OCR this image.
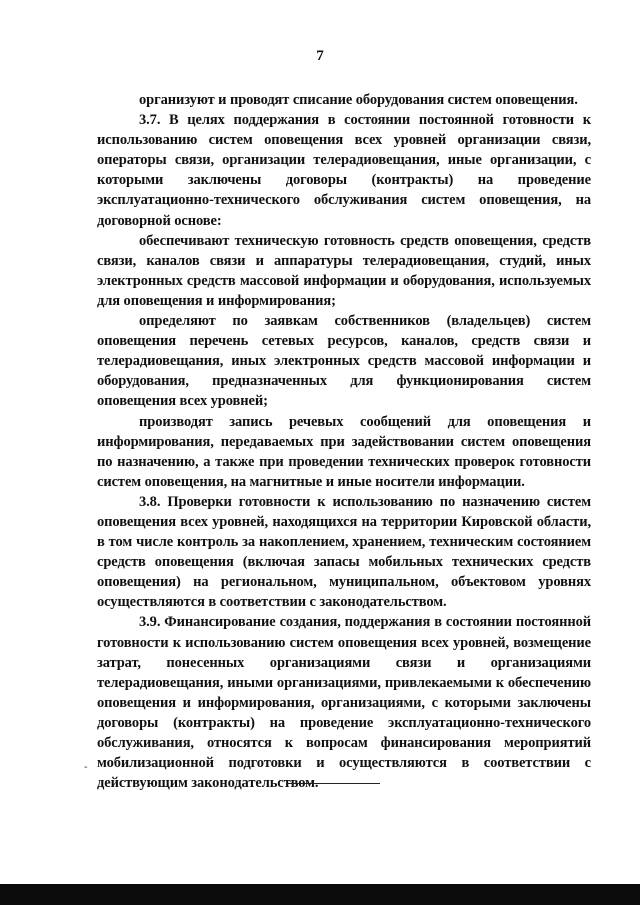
7

организуют и проводят списание оборудования систем оповещения.

3.7. В целях поддержания в состоянии постоянной готовности к использованию систем оповещения всех уровней организации связи, операторы связи, организации телерадиовещания, иные организации, с которыми заключены договоры (контракты) на проведение эксплуатационно-технического обслуживания систем оповещения, на договорной основе:

обеспечивают техническую готовность средств оповещения, средств связи, каналов связи и аппаратуры телерадиовещания, студий, иных электронных средств массовой информации и оборудования, используемых для оповещения и информирования;

определяют по заявкам собственников (владельцев) систем оповещения перечень сетевых ресурсов, каналов, средств связи и телерадиовещания, иных электронных средств массовой информации и оборудования, предназначенных для функционирования систем оповещения всех уровней;

производят запись речевых сообщений для оповещения и информирования, передаваемых при задействовании систем оповещения по назначению, а также при проведении технических проверок готовности систем оповещения, на магнитные и иные носители информации.

3.8. Проверки готовности к использованию по назначению систем оповещения всех уровней, находящихся на территории Кировской области, в том числе контроль за накоплением, хранением, техническим состоянием средств оповещения (включая запасы мобильных технических средств оповещения) на региональном, муниципальном, объектовом уровнях осуществляются в соответствии с законодательством.

3.9. Финансирование создания, поддержания в состоянии постоянной готовности к использованию систем оповещения всех уровней, возмещение затрат, понесенных организациями связи и организациями телерадиовещания, иными организациями, привлекаемыми к обеспечению оповещения и информирования, организациями, с которыми заключены договоры (контракты) на проведение эксплуатационно-технического обслуживания, относятся к вопросам финансирования мероприятий мобилизационной подготовки и осуществляются в соответствии с действующим законодательством.

-
